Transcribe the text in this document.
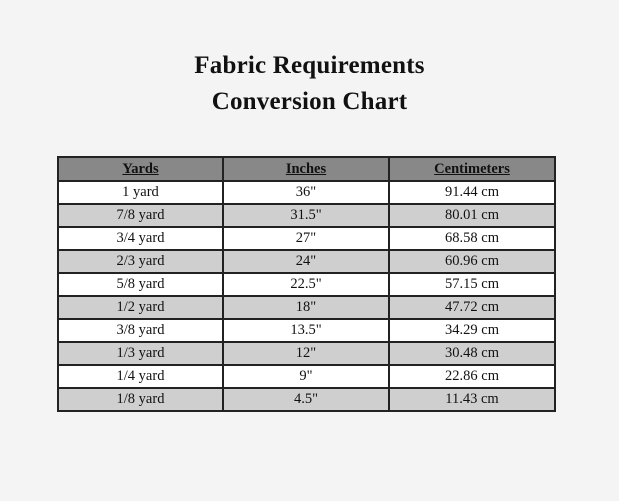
Fabric Requirements
Conversion Chart
Yards	Inches	Centimeters
1 yard	36"	91.44 cm
7/8 yard	31.5"	80.01 cm
3/4 yard	27"	68.58 cm
2/3 yard	24"	60.96 cm
5/8 yard	22.5"	57.15 cm
1/2 yard	18"	47.72 cm
3/8 yard	13.5"	34.29 cm
1/3 yard	12"	30.48 cm
1/4 yard	9"	22.86 cm
1/8 yard	4.5"	11.43 cm
